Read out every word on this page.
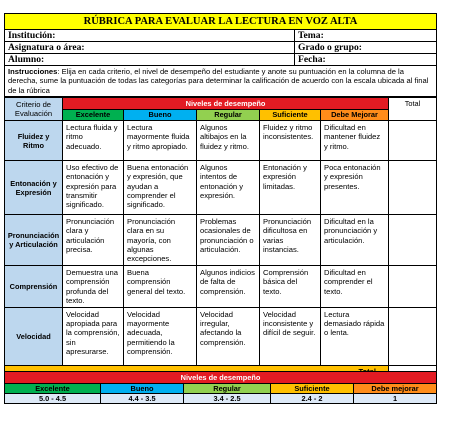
RÚBRICA PARA EVALUAR LA LECTURA EN VOZ ALTA	
Institución:	Tema:
Asignatura o área:	Grado o grupo:
Alumno:	Fecha:
Instrucciones: Elija en cada criterio, el nivel de desempeño del estudiante y anote su puntuación en la columna de la derecha, sume la puntuación de todas las categorías para determinar la calificación de acuerdo con la escala ubicada al final de la rúbrica	
Criterio de Evaluación	Niveles de desempeño					Total
	Excelente	Bueno	Regular	Suficiente	Debe Mejorar	
Fluidez y Ritmo	Lectura fluida y ritmo adecuado.	Lectura mayormente fluida y ritmo apropiado.	Algunos altibajos en la fluidez y ritmo.	Fluidez y ritmo inconsistentes.	Dificultad en mantener fluidez y ritmo.	
Entonación y Expresión	Uso efectivo de entonación y expresión para transmitir significado.	Buena entonación y expresión, que ayudan a comprender el significado.	Algunos intentos de entonación y expresión.	Entonación y expresión limitadas.	Poca entonación y expresión presentes.	
Pronunciación y Articulación	Pronunciación clara y articulación precisa.	Pronunciación clara en su mayoría, con algunas excepciones.	Problemas ocasionales de pronunciación o articulación.	Pronunciación dificultosa en varias instancias.	Dificultad en la pronunciación y articulación.	
Comprensión	Demuestra una comprensión profunda del texto.	Buena comprensión general del texto.	Algunos indicios de falta de comprensión.	Comprensión básica del texto.	Dificultad en comprender el texto.	
Velocidad	Velocidad apropiada para la comprensión, sin apresurarse.	Velocidad mayormente adecuada, permitiendo la comprensión.	Velocidad irregular, afectando la comprensión.	Velocidad inconsistente y difícil de seguir.	Lectura demasiado rápida o lenta.	

Niveles de desempeño				
Excelente	Bueno	Regular	Suficiente	Debe mejorar
5.0 - 4.5	4.4 - 3.5	3.4 - 2.5	2.4 - 2	1
